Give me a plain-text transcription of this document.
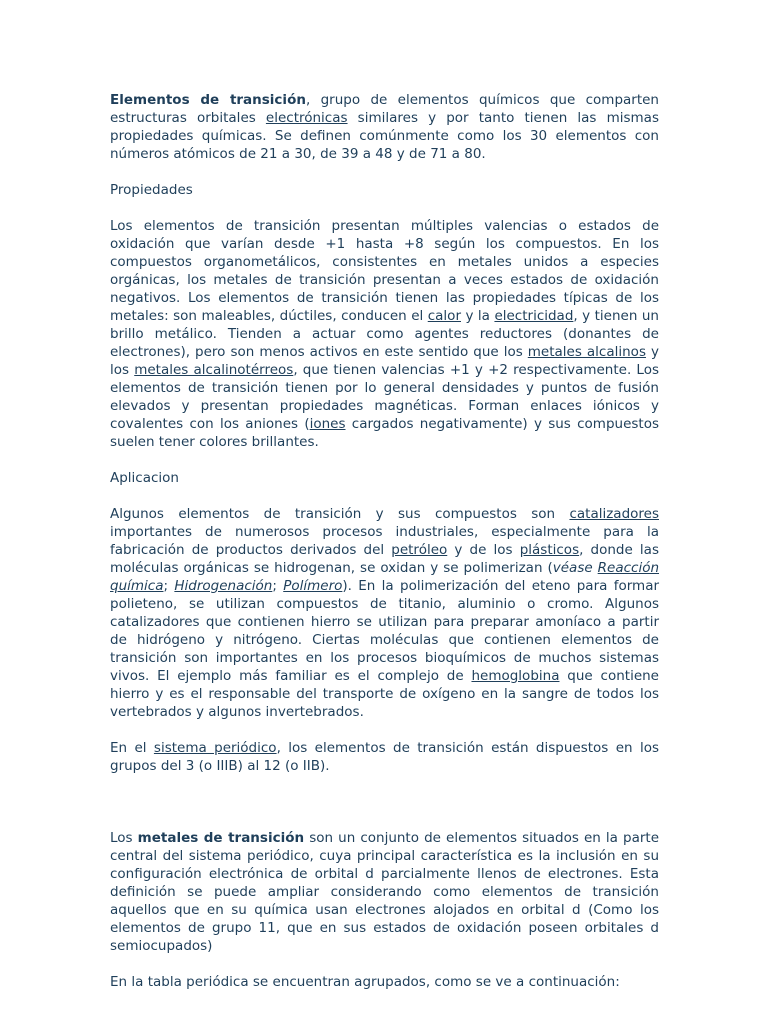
Elementos de transición, grupo de elementos químicos que comparten estructuras orbitales electrónicas similares y por tanto tienen las mismas propiedades químicas. Se definen comúnmente como los 30 elementos con números atómicos de 21 a 30, de 39 a 48 y de 71 a 80.

Propiedades

Los elementos de transición presentan múltiples valencias o estados de oxidación que varían desde +1 hasta +8 según los compuestos. En los compuestos organometálicos, consistentes en metales unidos a especies orgánicas, los metales de transición presentan a veces estados de oxidación negativos. Los elementos de transición tienen las propiedades típicas de los metales: son maleables, dúctiles, conducen el calor y la electricidad, y tienen un brillo metálico. Tienden a actuar como agentes reductores (donantes de electrones), pero son menos activos en este sentido que los metales alcalinos y los metales alcalinotérreos, que tienen valencias +1 y +2 respectivamente. Los elementos de transición tienen por lo general densidades y puntos de fusión elevados y presentan propiedades magnéticas. Forman enlaces iónicos y covalentes con los aniones (iones cargados negativamente) y sus compuestos suelen tener colores brillantes.

Aplicacion

Algunos elementos de transición y sus compuestos son catalizadores importantes de numerosos procesos industriales, especialmente para la fabricación de productos derivados del petróleo y de los plásticos, donde las moléculas orgánicas se hidrogenan, se oxidan y se polimerizan (véase Reacción química; Hidrogenación; Polímero). En la polimerización del eteno para formar polieteno, se utilizan compuestos de titanio, aluminio o cromo. Algunos catalizadores que contienen hierro se utilizan para preparar amoníaco a partir de hidrógeno y nitrógeno. Ciertas moléculas que contienen elementos de transición son importantes en los procesos bioquímicos de muchos sistemas vivos. El ejemplo más familiar es el complejo de hemoglobina que contiene hierro y es el responsable del transporte de oxígeno en la sangre de todos los vertebrados y algunos invertebrados.

En el sistema periódico, los elementos de transición están dispuestos en los grupos del 3 (o IIIB) al 12 (o IIB).

Los metales de transición son un conjunto de elementos situados en la parte central del sistema periódico, cuya principal característica es la inclusión en su configuración electrónica de orbital d parcialmente llenos de electrones. Esta definición se puede ampliar considerando como elementos de transición aquellos que en su química usan electrones alojados en orbital d (Como los elementos de grupo 11, que en sus estados de oxidación poseen orbitales d semiocupados)

En la tabla periódica se encuentran agrupados, como se ve a continuación:
